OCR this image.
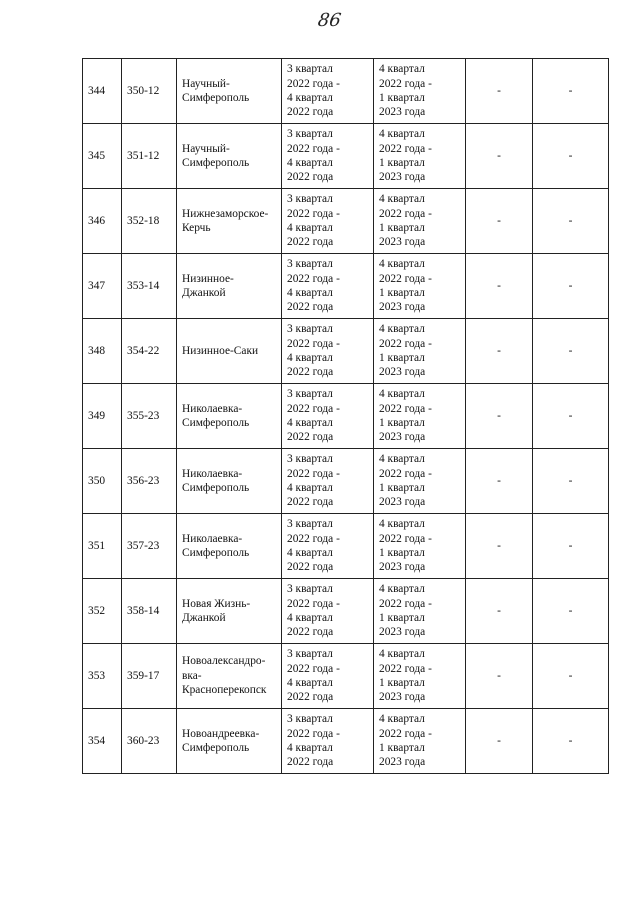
86
344	350-12	Научный-
Симферополь	3 квартал
2022 года -
4 квартал
2022 года	4 квартал
2022 года -
1 квартал
2023 года	-	-
345	351-12	Научный-
Симферополь	3 квартал
2022 года -
4 квартал
2022 года	4 квартал
2022 года -
1 квартал
2023 года	-	-
346	352-18	Нижнезаморское-
Керчь	3 квартал
2022 года -
4 квартал
2022 года	4 квартал
2022 года -
1 квартал
2023 года	-	-
347	353-14	Низинное-
Джанкой	3 квартал
2022 года -
4 квартал
2022 года	4 квартал
2022 года -
1 квартал
2023 года	-	-
348	354-22	Низинное-Саки	3 квартал
2022 года -
4 квартал
2022 года	4 квартал
2022 года -
1 квартал
2023 года	-	-
349	355-23	Николаевка-
Симферополь	3 квартал
2022 года -
4 квартал
2022 года	4 квартал
2022 года -
1 квартал
2023 года	-	-
350	356-23	Николаевка-
Симферополь	3 квартал
2022 года -
4 квартал
2022 года	4 квартал
2022 года -
1 квартал
2023 года	-	-
351	357-23	Николаевка-
Симферополь	3 квартал
2022 года -
4 квартал
2022 года	4 квартал
2022 года -
1 квартал
2023 года	-	-
352	358-14	Новая Жизнь-
Джанкой	3 квартал
2022 года -
4 квартал
2022 года	4 квартал
2022 года -
1 квартал
2023 года	-	-
353	359-17	Новоалександро-
вка-
Красноперекопск	3 квартал
2022 года -
4 квартал
2022 года	4 квартал
2022 года -
1 квартал
2023 года	-	-
354	360-23	Новоандреевка-
Симферополь	3 квартал
2022 года -
4 квартал
2022 года	4 квартал
2022 года -
1 квартал
2023 года	-	-
